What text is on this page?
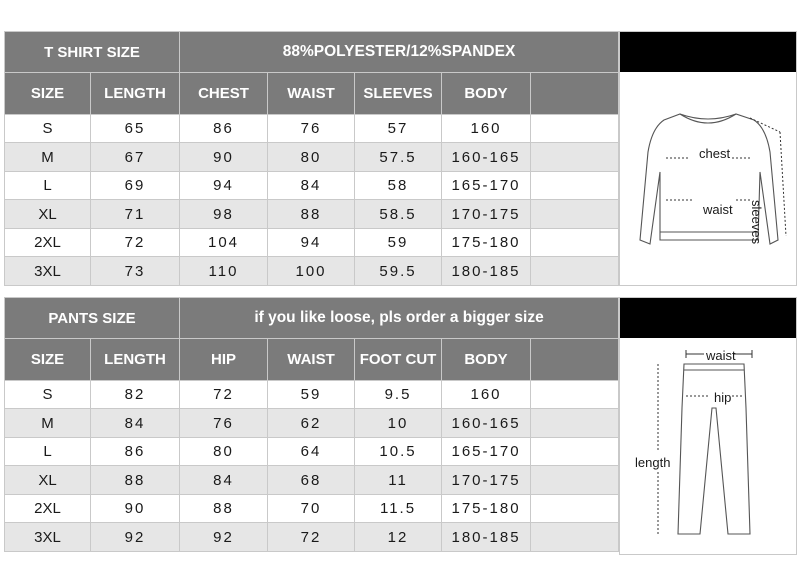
T SHIRT SIZE		88%POLYESTER/12%SPANDEX				
SIZE	LENGTH	CHEST	WAIST	SLEEVES	BODY	
S	65	86	76	57	160	
M	67	90	80	57.5	160-165	
L	69	94	84	58	165-170	
XL	71	98	88	58.5	170-175	
2XL	72	104	94	59	175-180	
3XL	73	110	100	59.5	180-185	
chest
waist sleeves
PANTS SIZE		if you like loose, pls order a bigger size				
SIZE	LENGTH	HIP	WAIST	FOOT CUT	BODY	
S	82	72	59	9.5	160	
M	84	76	62	10	160-165	
L	86	80	64	10.5	165-170	
XL	88	84	68	11	170-175	
2XL	90	88	70	11.5	175-180	
3XL	92	92	72	12	180-185	
waist
hip
length
